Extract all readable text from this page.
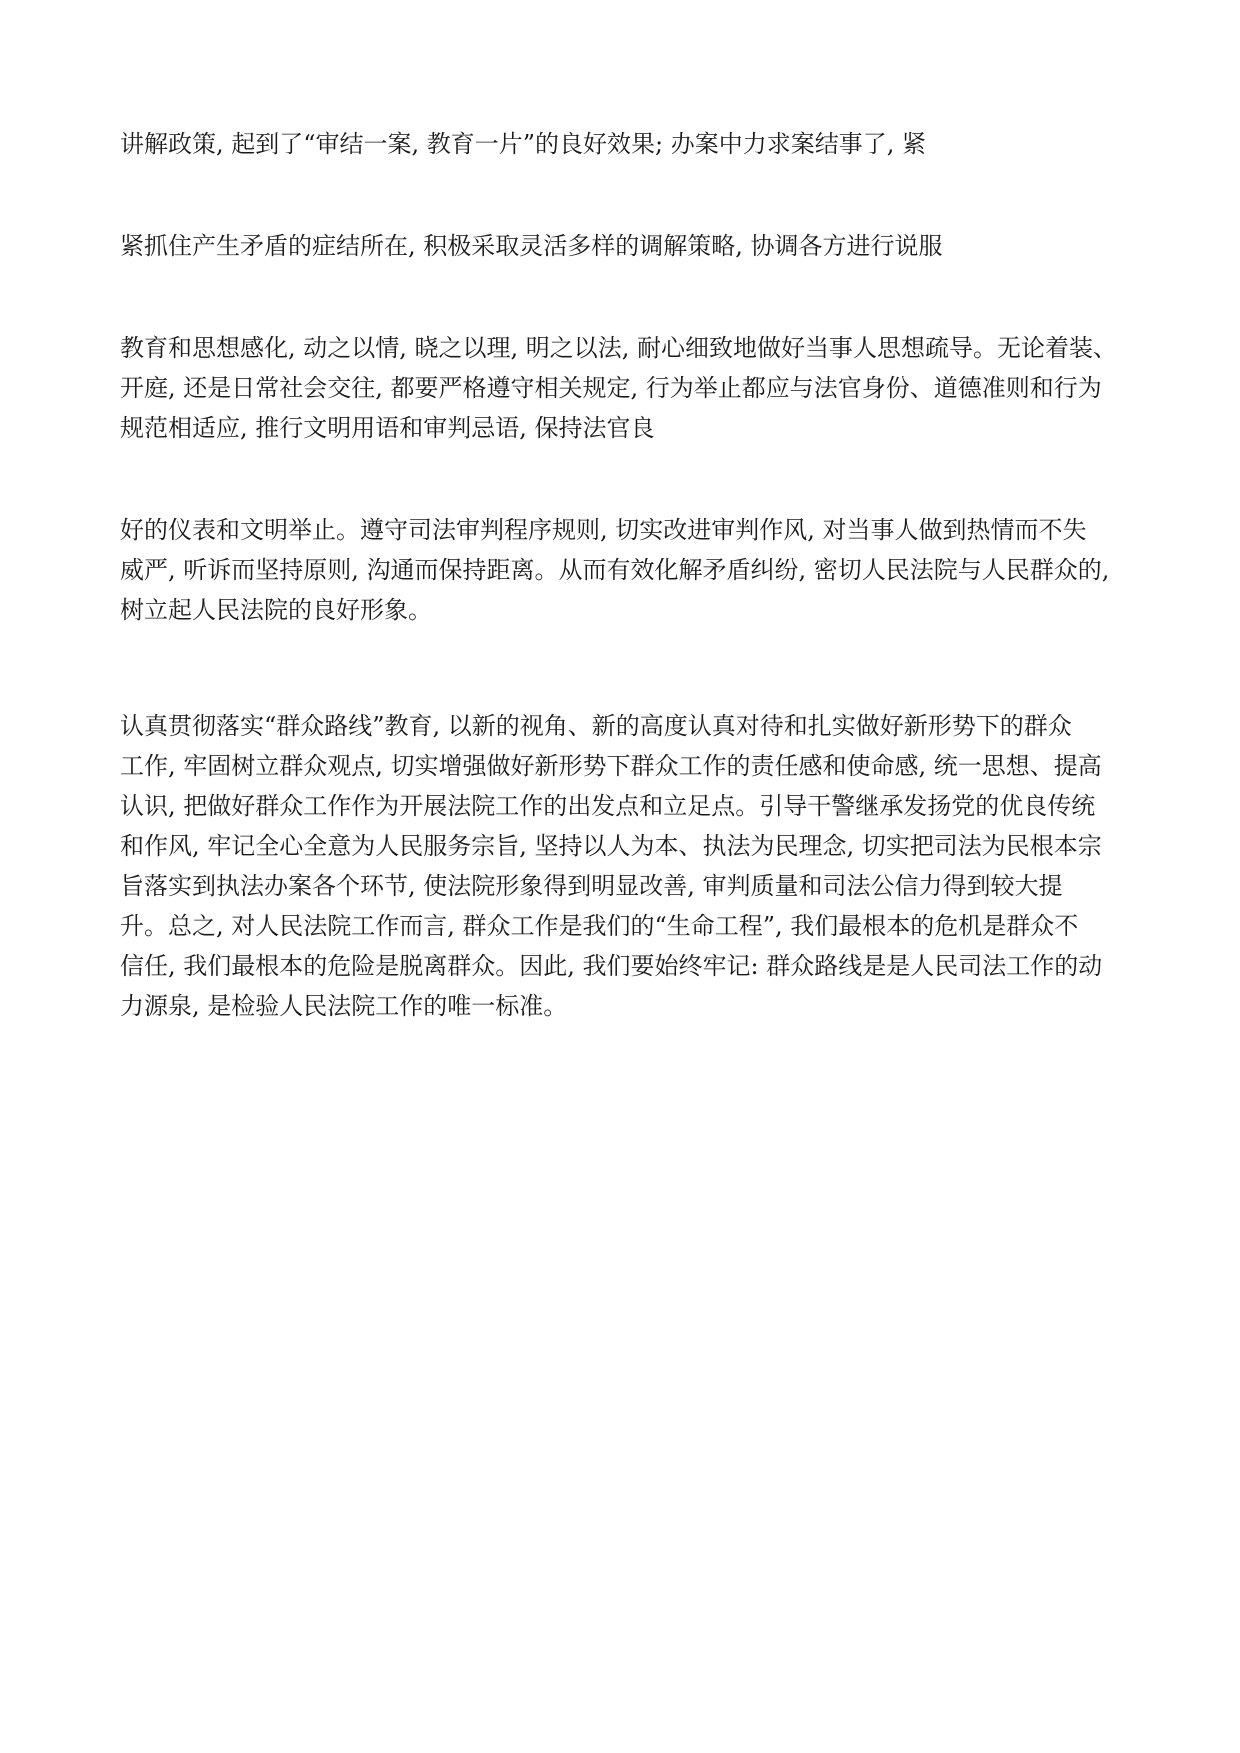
讲解政策, 起到了“审结一案, 教育一片”的良好效果; 办案中力求案结事了, 紧

紧抓住产生矛盾的症结所在, 积极采取灵活多样的调解策略, 协调各方进行说服

教育和思想感化, 动之以情, 晓之以理, 明之以法, 耐心细致地做好当事人思想疏导。无论着装、
开庭, 还是日常社会交往, 都要严格遵守相关规定, 行为举止都应与法官身份、道德准则和行为
规范相适应, 推行文明用语和审判忌语, 保持法官良

好的仪表和文明举止。遵守司法审判程序规则, 切实改进审判作风, 对当事人做到热情而不失
威严, 听诉而坚持原则, 沟通而保持距离。从而有效化解矛盾纠纷, 密切人民法院与人民群众的,
树立起人民法院的良好形象。

认真贯彻落实“群众路线”教育, 以新的视角、新的高度认真对待和扎实做好新形势下的群众
工作, 牢固树立群众观点, 切实增强做好新形势下群众工作的责任感和使命感, 统一思想、提高
认识, 把做好群众工作作为开展法院工作的出发点和立足点。引导干警继承发扬党的优良传统
和作风, 牢记全心全意为人民服务宗旨, 坚持以人为本、执法为民理念, 切实把司法为民根本宗
旨落实到执法办案各个环节, 使法院形象得到明显改善, 审判质量和司法公信力得到较大提
升。总之, 对人民法院工作而言, 群众工作是我们的“生命工程”, 我们最根本的危机是群众不
信任, 我们最根本的危险是脱离群众。因此, 我们要始终牢记: 群众路线是是人民司法工作的动
力源泉, 是检验人民法院工作的唯一标准。
